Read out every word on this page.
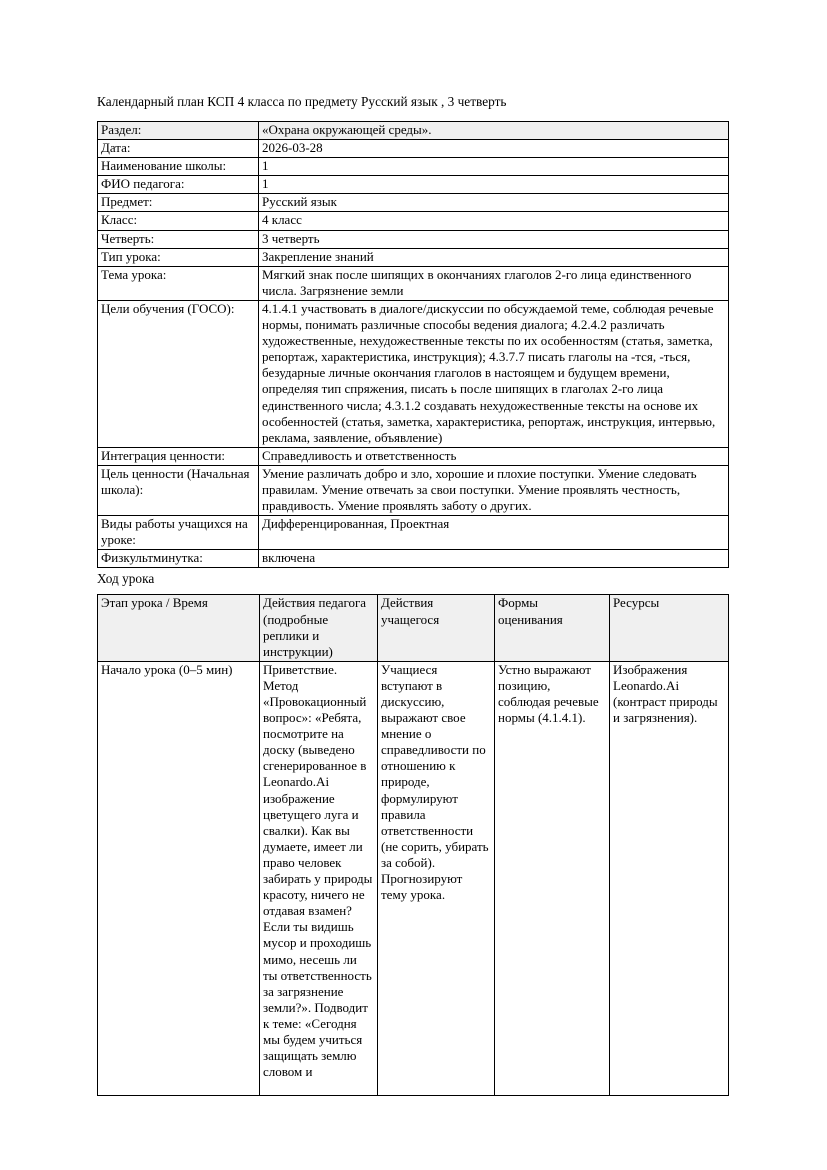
Календарный план КСП 4 класса по предмету Русский язык , 3 четверть

Раздел:	«Охрана окружающей среды».
Дата:	2026-03-28
Наименование школы:	1
ФИО педагога:	1
Предмет:	Русский язык
Класс:	4 класс
Четверть:	3 четверть
Тип урока:	Закрепление знаний
Тема урока:	Мягкий знак после шипящих в окончаниях глаголов 2-го лица единственного числа. Загрязнение земли
Цели обучения (ГОСО):	4.1.4.1 участвовать в диалоге/дискуссии по обсуждаемой теме, соблюдая речевые нормы, понимать различные способы ведения диалога; 4.2.4.2 различать художественные, нехудожественные тексты по их особенностям (статья, заметка, репортаж, характеристика, инструкция); 4.3.7.7 писать глаголы на -тся, -ться, безударные личные окончания глаголов в настоящем и будущем времени, определяя тип спряжения, писать ь после шипящих в глаголах 2-го лица единственного числа; 4.3.1.2 создавать нехудожественные тексты на основе их особенностей (статья, заметка, характеристика, репортаж, инструкция, интервью, реклама, заявление, объявление)
Интеграция ценности:	Справедливость и ответственность
Цель ценности (Начальная школа):	Умение различать добро и зло, хорошие и плохие поступки. Умение следовать правилам. Умение отвечать за свои поступки. Умение проявлять честность, правдивость. Умение проявлять заботу о других.
Виды работы учащихся на уроке:	Дифференцированная, Проектная
Физкультминутка:	включена

Ход урока

Этап урока / Время	Действия педагога (подробные реплики и инструкции)	Действия учащегося	Формы оценивания	Ресурсы
Начало урока (0–5 мин)	Приветствие. Метод «Провокационный вопрос»: «Ребята, посмотрите на доску (выведено сгенерированное в Leonardo.Ai изображение цветущего луга и свалки). Как вы думаете, имеет ли право человек забирать у природы красоту, ничего не отдавая взамен? Если ты видишь мусор и проходишь мимо, несешь ли ты ответственность за загрязнение земли?». Подводит к теме: «Сегодня мы будем учиться защищать землю словом и	Учащиеся вступают в дискуссию, выражают свое мнение о справедливости по отношению к природе, формулируют правила ответственности (не сорить, убирать за собой). Прогнозируют тему урока.	Устно выражают позицию, соблюдая речевые нормы (4.1.4.1).	Изображения Leonardo.Ai (контраст природы и загрязнения).
